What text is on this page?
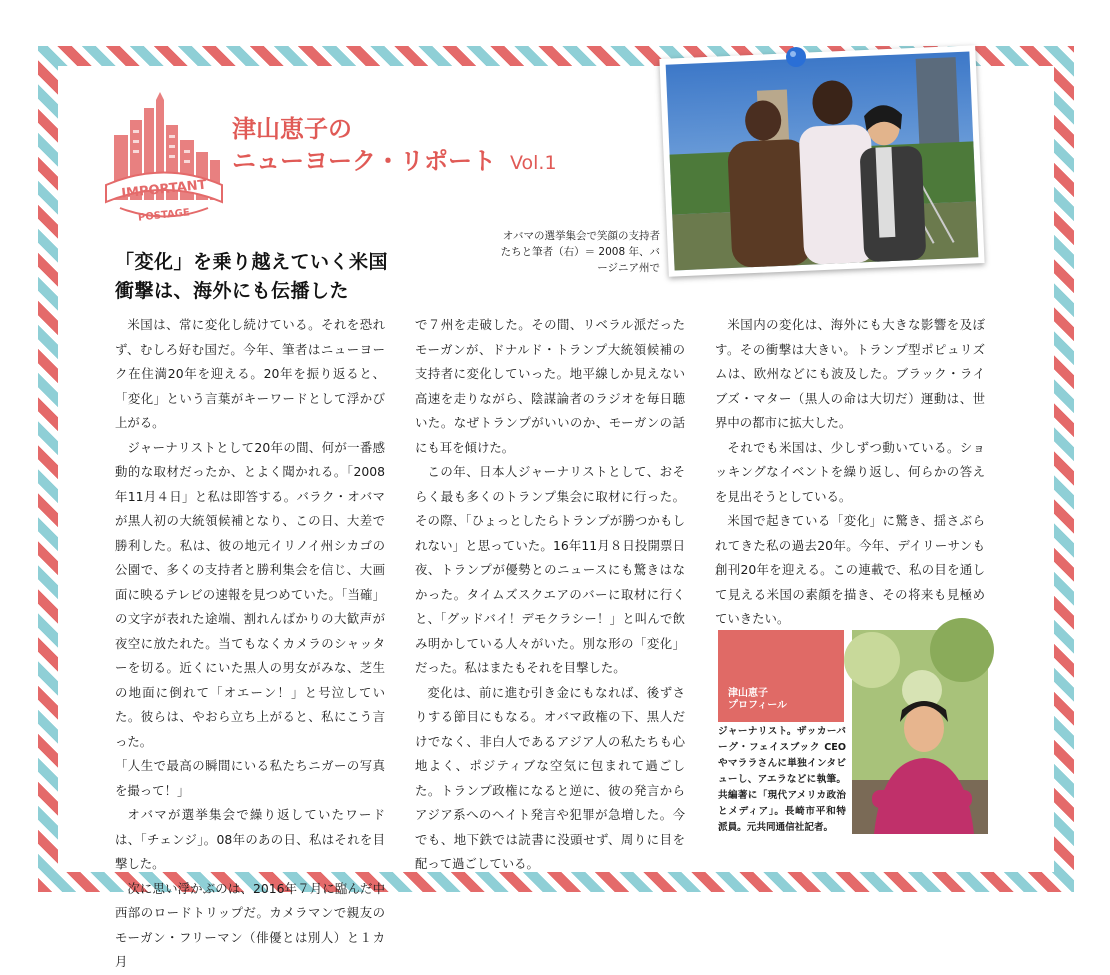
IMPORTANT
POSTAGE
津山恵子の
ニューヨーク・リポート Vol.1
「変化」を乗り越えていく米国
衝撃は、海外にも伝播した
オバマの選挙集会で笑顔の支持者たちと筆者（右）＝ 2008 年、バージニア州で

米国は、常に変化し続けている。それを恐れず、むしろ好む国だ。今年、筆者はニューヨーク在住満20年を迎える。20年を振り返ると、「変化」という言葉がキーワードとして浮かび上がる。

ジャーナリストとして20年の間、何が一番感動的な取材だったか、とよく聞かれる。「2008年11月４日」と私は即答する。バラク・オバマが黒人初の大統領候補となり、この日、大差で勝利した。私は、彼の地元イリノイ州シカゴの公園で、多くの支持者と勝利集会を信じ、大画面に映るテレビの速報を見つめていた。「当確」の文字が表れた途端、割れんばかりの大歓声が夜空に放たれた。当てもなくカメラのシャッターを切る。近くにいた黒人の男女がみな、芝生の地面に倒れて「オエーン！」と号泣していた。彼らは、やおら立ち上がると、私にこう言った。

「人生で最高の瞬間にいる私たちニガーの写真を撮って！」

オバマが選挙集会で繰り返していたワードは、「チェンジ」。08年のあの日、私はそれを目撃した。

次に思い浮かぶのは、2016年７月に臨んだ中西部のロードトリップだ。カメラマンで親友のモーガン・フリーマン（俳優とは別人）と１カ月

で７州を走破した。その間、リベラル派だったモーガンが、ドナルド・トランプ大統領候補の支持者に変化していった。地平線しか見えない高速を走りながら、陰謀論者のラジオを毎日聴いた。なぜトランプがいいのか、モーガンの話にも耳を傾けた。

この年、日本人ジャーナリストとして、おそらく最も多くのトランプ集会に取材に行った。その際、「ひょっとしたらトランプが勝つかもしれない」と思っていた。16年11月８日投開票日夜、トランプが優勢とのニュースにも驚きはなかった。タイムズスクエアのバーに取材に行くと、「グッドバイ！デモクラシー！」と叫んで飲み明かしている人々がいた。別な形の「変化」だった。私はまたもそれを目撃した。

変化は、前に進む引き金にもなれば、後ずさりする節目にもなる。オバマ政権の下、黒人だけでなく、非白人であるアジア人の私たちも心地よく、ポジティブな空気に包まれて過ごした。トランプ政権になると逆に、彼の発言からアジア系へのヘイト発言や犯罪が急増した。今でも、地下鉄では読書に没頭せず、周りに目を配って過ごしている。

米国内の変化は、海外にも大きな影響を及ぼす。その衝撃は大きい。トランプ型ポピュリズムは、欧州などにも波及した。ブラック・ライブズ・マター（黒人の命は大切だ）運動は、世界中の都市に拡大した。

それでも米国は、少しずつ動いている。ショッキングなイベントを繰り返し、何らかの答えを見出そうとしている。

米国で起きている「変化」に驚き、揺さぶられてきた私の過去20年。今年、デイリーサンも創刊20年を迎える。この連載で、私の目を通して見える米国の素顔を描き、その将来も見極めていきたい。

津山恵子
プロフィール
ジャーナリスト。ザッカーバーグ・フェイスブック CEO やマララさんに単独インタビューし、アエラなどに執筆。共編著に「現代アメリカ政治とメディア」。長崎市平和特派員。元共同通信社記者。
